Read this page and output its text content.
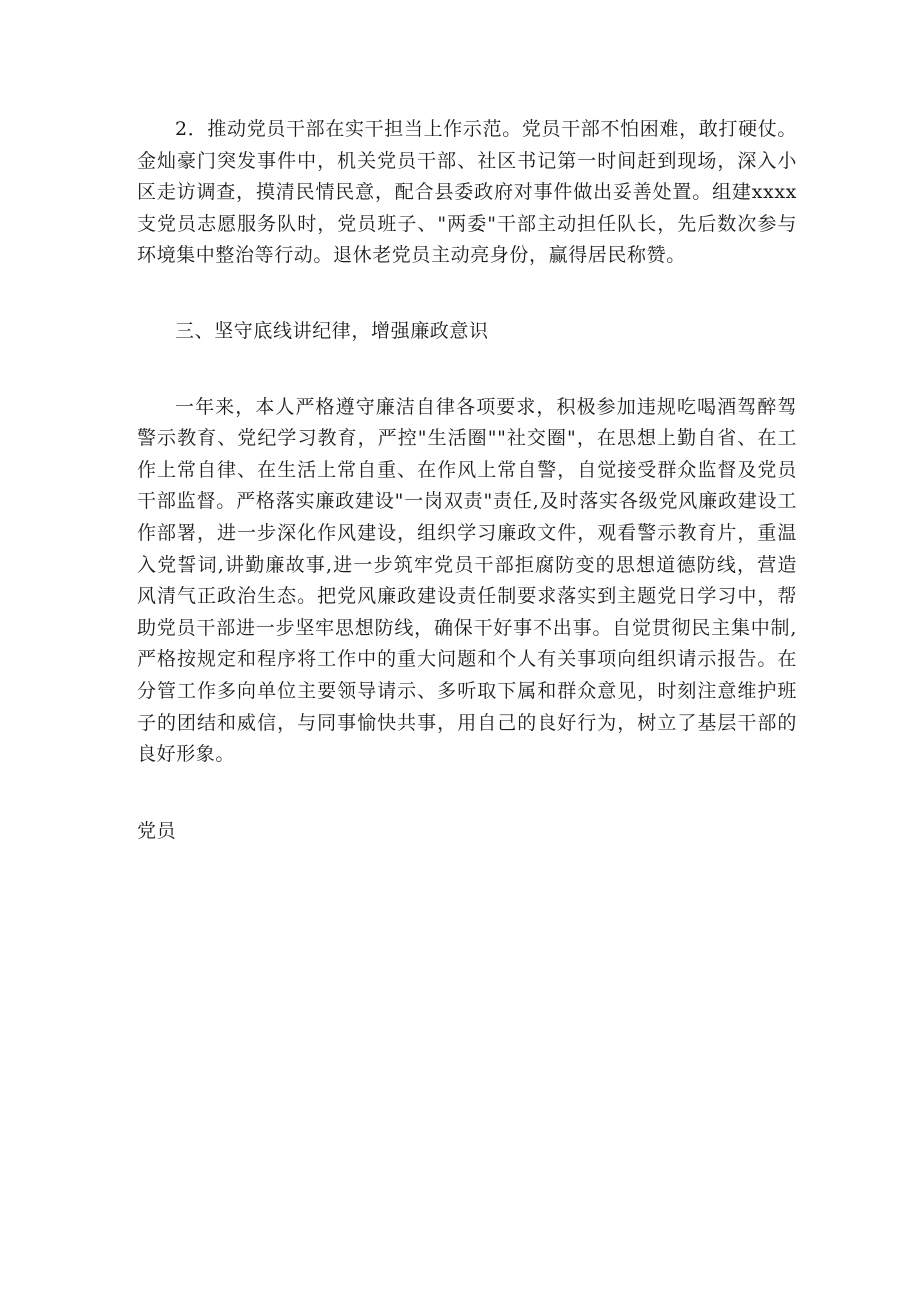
2．推动党员干部在实干担当上作示范。党员干部不怕困难，敢打硬仗。金灿豪门突发事件中，机关党员干部、社区书记第一时间赶到现场，深入小区走访调查，摸清民情民意，配合县委政府对事件做出妥善处置。组建xxxx支党员志愿服务队时，党员班子、"两委"干部主动担任队长，先后数次参与环境集中整治等行动。退休老党员主动亮身份，赢得居民称赞。

三、坚守底线讲纪律，增强廉政意识

一年来，本人严格遵守廉洁自律各项要求，积极参加违规吃喝酒驾醉驾警示教育、党纪学习教育，严控"生活圈""社交圈"，在思想上勤自省、在工作上常自律、在生活上常自重、在作风上常自警，自觉接受群众监督及党员干部监督。严格落实廉政建设"一岗双责"责任,及时落实各级党风廉政建设工作部署，进一步深化作风建设，组织学习廉政文件，观看警示教育片，重温入党誓词,讲勤廉故事,进一步筑牢党员干部拒腐防变的思想道德防线，营造风清气正政治生态。把党风廉政建设责任制要求落实到主题党日学习中，帮助党员干部进一步坚牢思想防线，确保干好事不出事。自觉贯彻民主集中制,严格按规定和程序将工作中的重大问题和个人有关事项向组织请示报告。在分管工作多向单位主要领导请示、多听取下属和群众意见，时刻注意维护班子的团结和威信，与同事愉快共事，用自己的良好行为，树立了基层干部的良好形象。

党员
